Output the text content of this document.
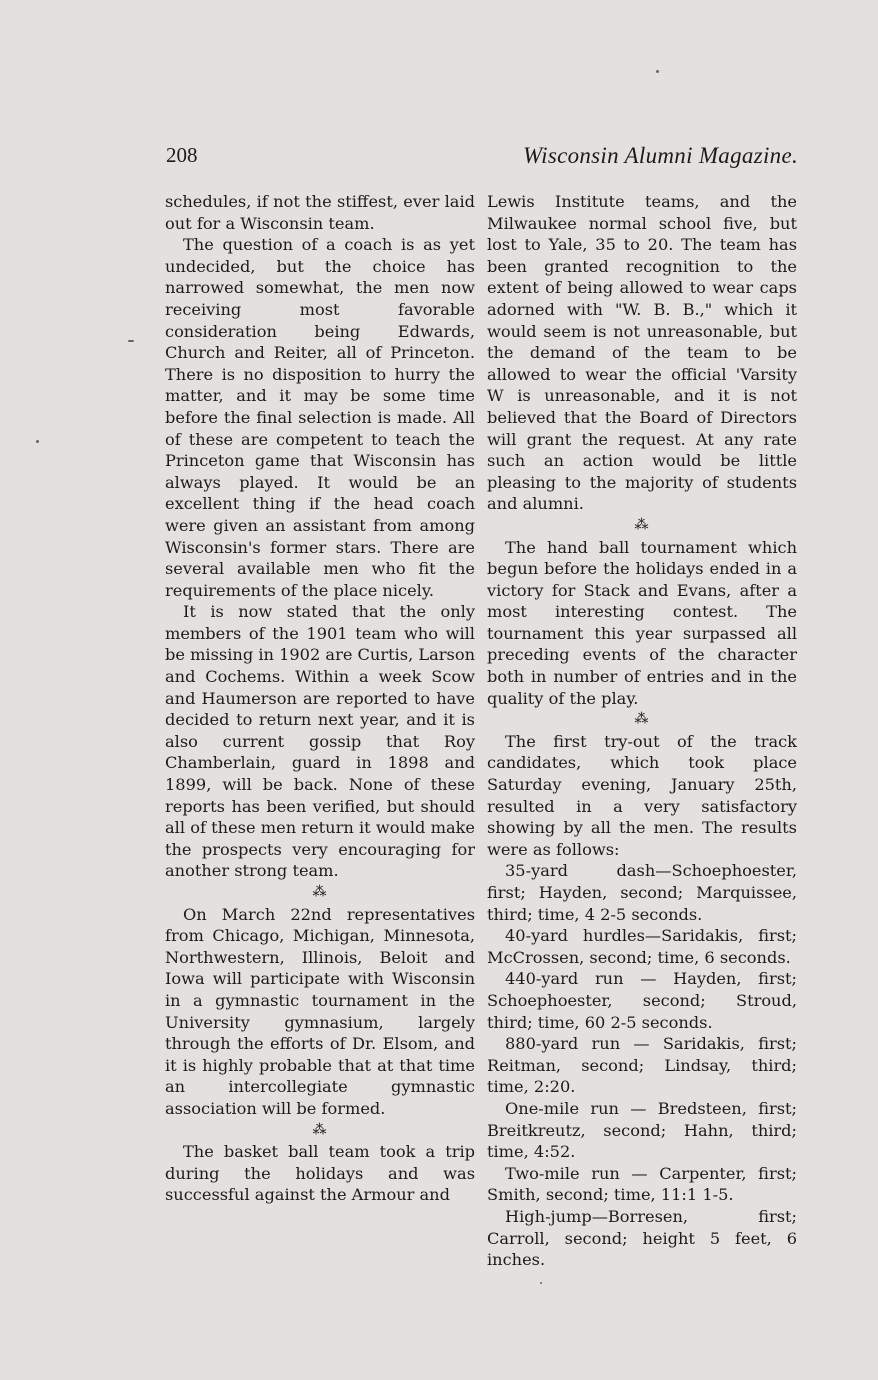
208	Wisconsin Alumni Magazine.

schedules, if not the stiffest, ever laid out for a Wisconsin team.

The question of a coach is as yet undecided, but the choice has narrowed somewhat, the men now receiving most favorable consideration being Edwards, Church and Reiter, all of Princeton. There is no disposition to hurry the matter, and it may be some time before the final selection is made. All of these are competent to teach the Princeton game that Wisconsin has always played. It would be an excellent thing if the head coach were given an assistant from among Wisconsin's former stars. There are several available men who fit the requirements of the place nicely.

It is now stated that the only members of the 1901 team who will be missing in 1902 are Curtis, Larson and Cochems. Within a week Scow and Haumerson are reported to have decided to return next year, and it is also current gossip that Roy Chamberlain, guard in 1898 and 1899, will be back. None of these reports has been verified, but should all of these men return it would make the prospects very encouraging for another strong team.

⁂

On March 22nd representatives from Chicago, Michigan, Minnesota, Northwestern, Illinois, Beloit and Iowa will participate with Wisconsin in a gymnastic tournament in the University gymnasium, largely through the efforts of Dr. Elsom, and it is highly probable that at that time an intercollegiate gymnastic association will be formed.

⁂

The basket ball team took a trip during the holidays and was successful against the Armour and

Lewis Institute teams, and the Milwaukee normal school five, but lost to Yale, 35 to 20. The team has been granted recognition to the extent of being allowed to wear caps adorned with "W. B. B.," which it would seem is not unreasonable, but the demand of the team to be allowed to wear the official 'Varsity W is unreasonable, and it is not believed that the Board of Directors will grant the request. At any rate such an action would be little pleasing to the majority of students and alumni.

⁂

The hand ball tournament which begun before the holidays ended in a victory for Stack and Evans, after a most interesting contest. The tournament this year surpassed all preceding events of the character both in number of entries and in the quality of the play.

⁂

The first try-out of the track candidates, which took place Saturday evening, January 25th, resulted in a very satisfactory showing by all the men. The results were as follows:

35-yard dash—Schoephoester, first; Hayden, second; Marquissee, third; time, 4 2-5 seconds.

40-yard hurdles—Saridakis, first; McCrossen, second; time, 6 seconds.

440-yard run — Hayden, first; Schoephoester, second; Stroud, third; time, 60 2-5 seconds.

880-yard run — Saridakis, first; Reitman, second; Lindsay, third; time, 2:20.

One-mile run — Bredsteen, first; Breitkreutz, second; Hahn, third; time, 4:52.

Two-mile run — Carpenter, first; Smith, second; time, 11:1 1-5.

High-jump—Borresen, first; Carroll, second; height 5 feet, 6 inches.
